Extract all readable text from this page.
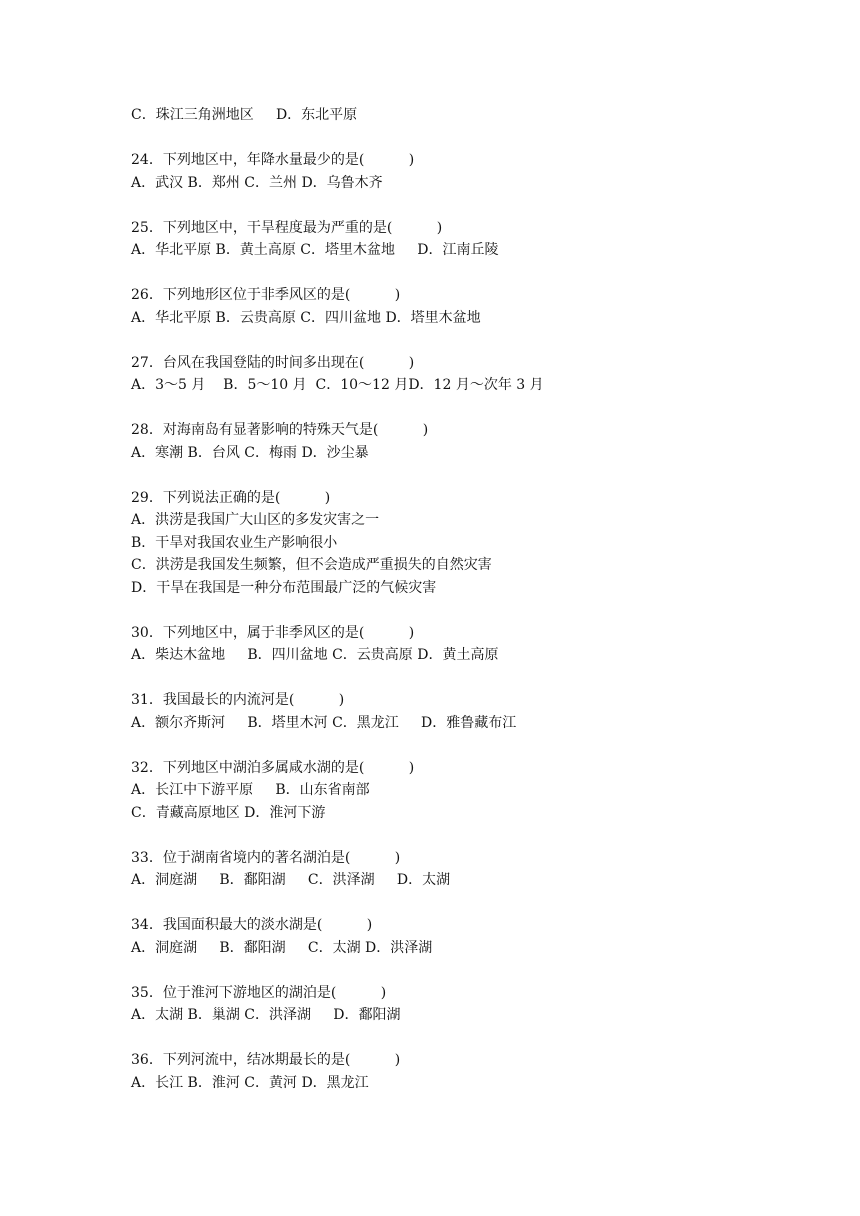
C．珠江三角洲地区     D．东北平原

24．下列地区中，年降水量最少的是(          )

A．武汉 B．郑州 C．兰州 D．乌鲁木齐

25．下列地区中，干旱程度最为严重的是(          )

A．华北平原 B．黄土高原 C．塔里木盆地     D．江南丘陵

26．下列地形区位于非季风区的是(          )

A．华北平原 B．云贵高原 C．四川盆地 D．塔里木盆地

27．台风在我国登陆的时间多出现在(          )

A．3～5 月    B．5～10 月  C．10～12 月D．12 月～次年 3 月

28．对海南岛有显著影响的特殊天气是(          )

A．寒潮 B．台风 C．梅雨 D．沙尘暴

29．下列说法正确的是(          )

A．洪涝是我国广大山区的多发灾害之一

B．干旱对我国农业生产影响很小

C．洪涝是我国发生频繁，但不会造成严重损失的自然灾害

D．干旱在我国是一种分布范围最广泛的气候灾害

30．下列地区中，属于非季风区的是(          )

A．柴达木盆地     B．四川盆地 C．云贵高原 D．黄土高原

31．我国最长的内流河是(          )

A．额尔齐斯河     B．塔里木河 C．黑龙江     D．雅鲁藏布江

32．下列地区中湖泊多属咸水湖的是(          )

A．长江中下游平原     B．山东省南部

C．青藏高原地区 D．淮河下游

33．位于湖南省境内的著名湖泊是(          )

A．洞庭湖     B．鄱阳湖     C．洪泽湖     D．太湖

34．我国面积最大的淡水湖是(          )

A．洞庭湖     B．鄱阳湖     C．太湖 D．洪泽湖

35．位于淮河下游地区的湖泊是(          )

A．太湖 B．巢湖 C．洪泽湖     D．鄱阳湖

36．下列河流中，结冰期最长的是(          )

A．长江 B．淮河 C．黄河 D．黑龙江
